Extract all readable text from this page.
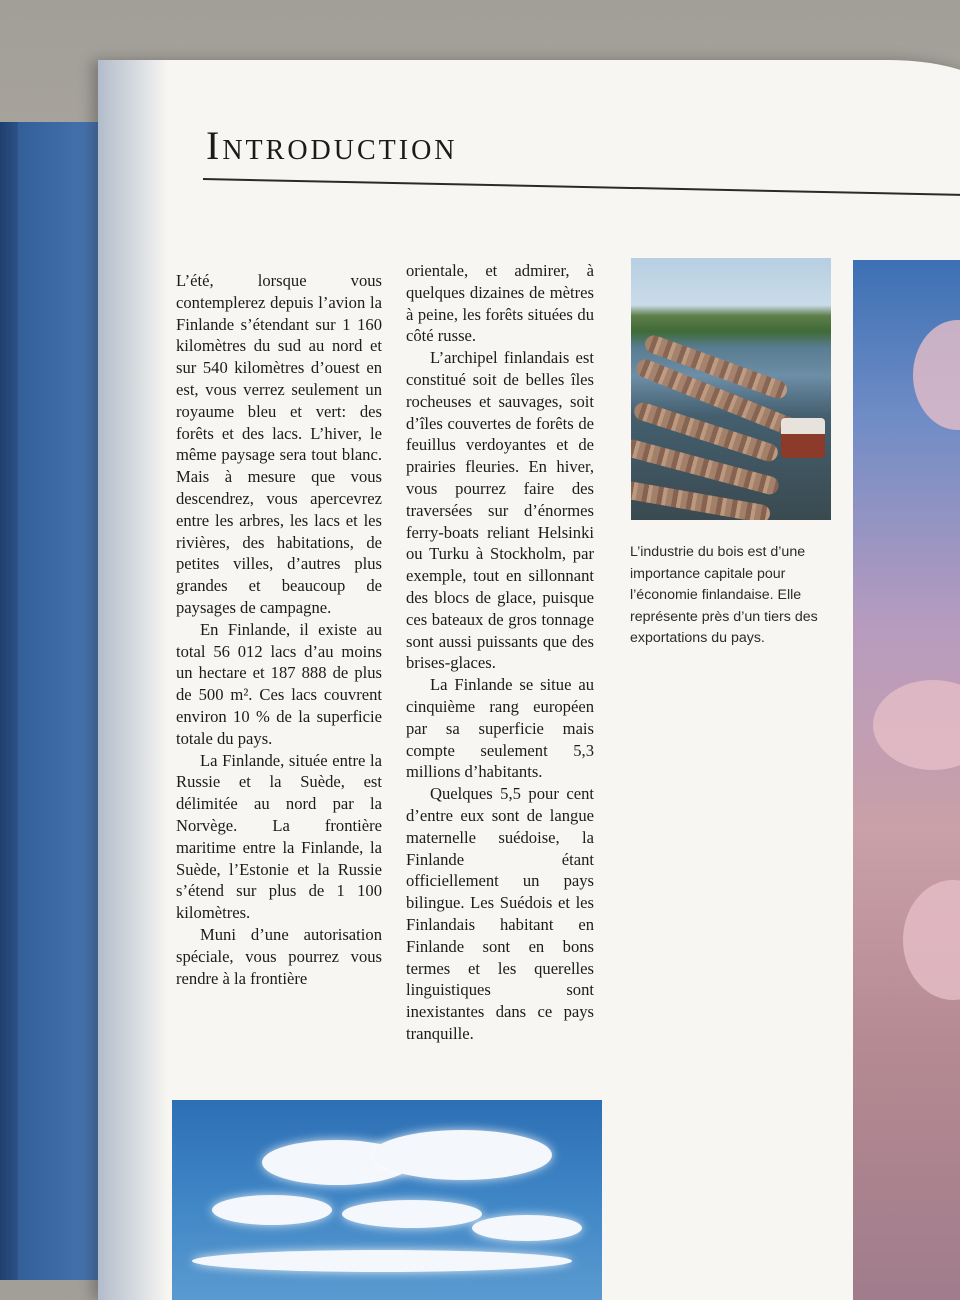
Introduction

L’été, lorsque vous contemplerez depuis l’avion la Finlande s’étendant sur 1 160 kilomètres du sud au nord et sur 540 kilomètres d’ouest en est, vous verrez seulement un royaume bleu et vert: des forêts et des lacs. L’hiver, le même paysage sera tout blanc. Mais à mesure que vous descendrez, vous apercevrez entre les arbres, les lacs et les rivières, des habitations, de petites villes, d’autres plus grandes et beaucoup de paysages de campagne.

En Finlande, il existe au total 56 012 lacs d’au moins un hectare et 187 888 de plus de 500 m². Ces lacs couvrent environ 10 % de la superficie totale du pays.

La Finlande, située entre la Russie et la Suède, est délimitée au nord par la Norvège. La frontière maritime entre la Finlande, la Suède, l’Estonie et la Russie s’étend sur plus de 1 100 kilomètres.

Muni d’une autorisation spéciale, vous pourrez vous rendre à la frontière

orientale, et admirer, à quelques dizaines de mètres à peine, les forêts situées du côté russe.

L’archipel finlandais est constitué soit de belles îles rocheuses et sauvages, soit d’îles couvertes de forêts de feuillus verdoyantes et de prairies fleuries. En hiver, vous pourrez faire des traversées sur d’énormes ferry-boats reliant Helsinki ou Turku à Stockholm, par exemple, tout en sillonnant des blocs de glace, puisque ces bateaux de gros tonnage sont aussi puissants que des brises-glaces.

La Finlande se situe au cinquième rang européen par sa superficie mais compte seulement 5,3 millions d’habitants.

Quelques 5,5 pour cent d’entre eux sont de langue maternelle suédoise, la Finlande étant officiellement un pays bilingue. Les Suédois et les Finlandais habitant en Finlande sont en bons termes et les querelles linguistiques sont inexistantes dans ce pays tranquille.

L’industrie du bois est d’une importance capitale pour l’économie finlandaise. Elle représente près d’un tiers des exportations du pays.
